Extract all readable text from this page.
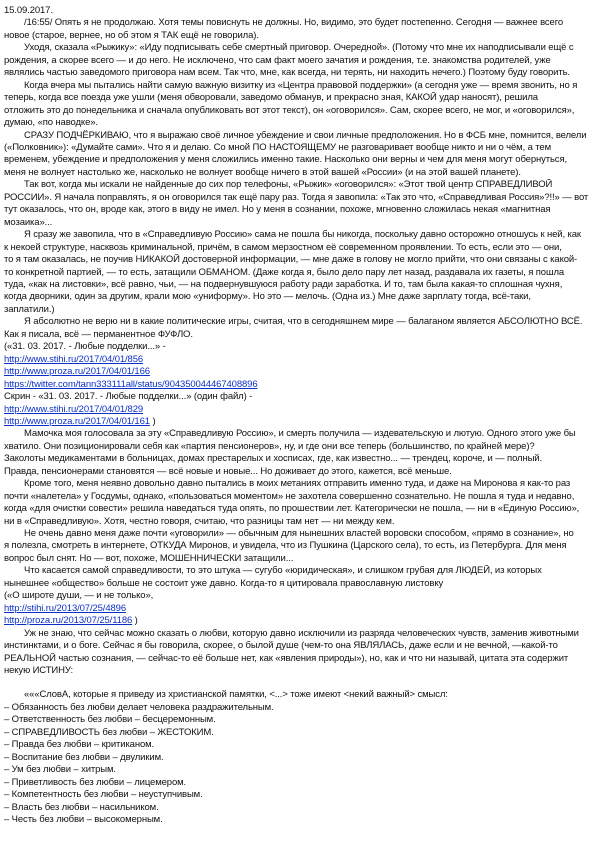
15.09.2017.
/16:55/ Опять я не продолжаю. Хотя темы повиснуть не должны. Но, видимо, это будет постепенно. Сегодня — важнее всего
новое (старое, вернее, но об этом я ТАК ещё не говорила).
Уходя, сказала «Рыжику»: «Иду подписывать себе смертный приговор. Очередной». (Потому что мне их наподписывали ещё с
рождения, а скорее всего — и до него. Не исключено, что сам факт моего зачатия и рождения, т.е. знакомства родителей, уже
являлись частью заведомого приговора нам всем. Так что, мне, как всегда, ни терять, ни находить нечего.) Поэтому буду говорить.
Когда вчера мы пытались найти самую важную визитку из «Центра правовой поддержки» (а сегодня уже — время звонить, но я
теперь, когда все поезда уже ушли (меня обворовали, заведомо обманув, и прекрасно зная, КАКОЙ удар наносят), решила
отложить это до понедельника и сначала опубликовать вот этот текст), он «оговорился». Сам, скорее всего, не мог, и «оговорился»,
думаю, «по наводке».
СРАЗУ ПОДЧЁРКИВАЮ, что я выражаю своё личное убеждение и свои личные предположения. Но в ФСБ мне, помнится, велели
(«Полковник»): «Думайте сами». Что я и делаю. Со мной ПО НАСТОЯЩЕМУ не разговаривает вообще никто и ни о чём, а тем
временем, убеждение и предположения у меня сложились именно такие. Насколько они верны и чем для меня могут обернуться,
меня не волнует настолько же, насколько не волнует вообще ничего в этой вашей «России» (и на этой вашей планете).
Так вот, когда мы искали не найденные до сих пор телефоны, «Рыжик» «оговорился»: «Этот твой центр СПРАВЕДЛИВОЙ
РОССИИ». Я начала поправлять, я он оговорился так ещё пару раз. Тогда я завопила: «Так это что, «Справедливая Россия»?!!» — вот
тут оказалось, что он, вроде как, этого в виду не имел. Но у меня в сознании, похоже, мгновенно сложилась некая «магнитная
мозаика»...
Я сразу же завопила, что в «Справедливую Россию» сама не пошла бы никогда, поскольку давно осторожно отношусь к ней, как
к некоей структуре, насквозь криминальной, причём, в самом мерзостном её современном проявлении. То есть, если это — они,
то я там оказалась, не поучив НИКАКОЙ достоверной информации, — мне даже в голову не могло прийти, что они связаны с какой-
то конкретной партией, — то есть, затащили ОБМАНОМ. (Даже когда я, было дело пару лет назад, раздавала их газеты, я пошла
туда, «как на листовки», всё равно, чьи, — на подвернувшуюся работу ради заработка. И то, там была какая-то сплошная чухня,
когда дворники, один за другим, крали мою «униформу». Но это — мелочь. (Одна из.) Мне даже зарплату тогда, всё-таки,
заплатили.)
Я абсолютно не верю ни в какие политические игры, считая, что в сегодняшнем мире — балаганом является АБСОЛЮТНО ВСЁ.
Как я писала, всё — перманентное ФУФЛО.
(«31. 03. 2017. - Любые подделки...» -
http://www.stihi.ru/2017/04/01/856
http://www.proza.ru/2017/04/01/166
https://twitter.com/tann333111all/status/904350044467408896
Скрин - «31. 03. 2017. - Любые подделки...» (один файл) -
http://www.stihi.ru/2017/04/01/829
http://www.proza.ru/2017/04/01/161 )
Мамочка моя голосовала за эту «Справедливую Россию», и смерть получила — издевательскую и лютую. Одного этого уже бы
хватило. Они позиционировали себя как «партия пенсионеров», ну, и где они все теперь (большинство, по крайней мере)?
Заколоты медикаментами в больницах, домах престарелых и хосписах, где, как известно... — трендец, короче, и — полный.
Правда, пенсионерами становятся — всё новые и новые... Но доживает до этого, кажется, всё меньше.
Кроме того, меня неявно довольно давно пытались в моих метаниях отправить именно туда, и даже на Миронова я как-то раз
почти «налетела» у Госдумы, однако, «пользоваться моментом» не захотела совершенно сознательно. Не пошла я туда и недавно,
когда «для очистки совести» решила наведаться туда опять, по прошествии лет. Категорически не пошла, — ни в «Единую Россию»,
ни в «Справедливую». Хотя, честно говоря, считаю, что разницы там нет — ни между кем.
Не очень давно меня даже почти «уговорили» — обычным для нынешних властей воровски способом, «прямо в сознание», но
я полезла, смотреть в интернете, ОТКУДА Миронов, и увидела, что из Пушкина (Царского села), то есть, из Петербурга. Для меня
вопрос был снят. Но — вот, похоже, МОШЕННИЧЕСКИ затащили...
Что касается самой справедливости, то это штука — сугубо «юридическая», и слишком грубая для ЛЮДЕЙ, из которых
нынешнее «общество» больше не состоит уже давно. Когда-то я цитировала православную листовку
(«О широте души, — и не только»,
http://stihi.ru/2013/07/25/4896
http://proza.ru/2013/07/25/1186 )
Уж не знаю, что сейчас можно сказать о любви, которую давно исключили из разряда человеческих чувств, заменив животными
инстинктами, и о боге. Сейчас я бы говорила, скорее, о былой душе (чем-то она ЯВЛЯЛАСЬ, даже если и не вечной, —какой-то
РЕАЛЬНОЙ частью сознания, — сейчас-то её больше нет, как «явления природы»), но, как и что ни называй, цитата эта содержит
некую ИСТИНУ:
«««СловА, которые я приведу из христианской памятки, <...> тоже имеют <некий важный> смысл:
– Обязанность без любви делает человека раздражительным.
– Ответственность без любви – бесцеремонным.
– СПРАВЕДЛИВОСТЬ без любви – ЖЕСТОКИМ.
– Правда без любви – критиканом.
– Воспитание без любви – двуликим.
– Ум без любви – хитрым.
– Приветливость без любви – лицемером.
– Компетентность без любви – неуступчивым.
– Власть без любви – насильником.
– Честь без любви – высокомерным.
